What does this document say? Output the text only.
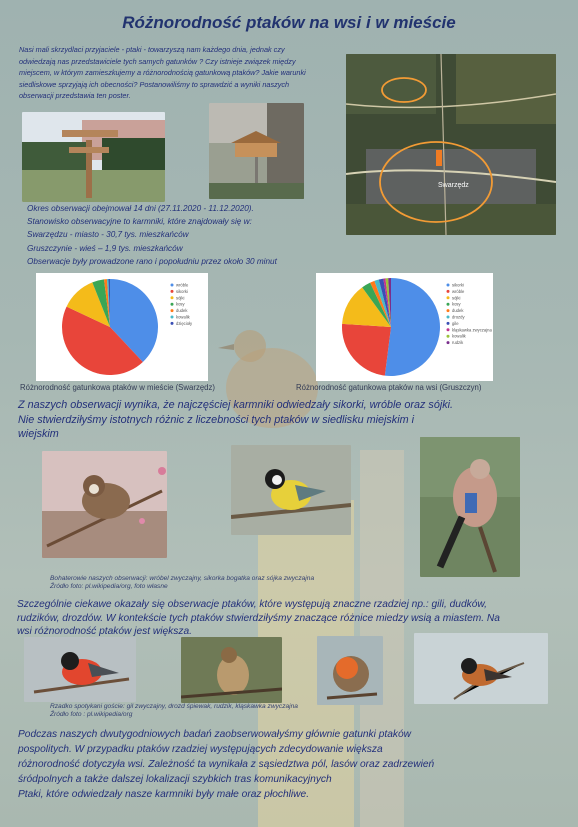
Różnorodność ptaków na wsi i w mieście
Nasi mali skrzydlaci przyjaciele - ptaki - towarzyszą nam każdego dnia, jednak czy
odwiedzają nas przedstawiciele tych samych gatunków ? Czy istnieje związek między
miejscem, w którym zamieszkujemy a różnorodnością gatunkową ptaków? Jakie warunki
siedliskowe sprzyjają ich obecności? Postanowiliśmy to sprawdzić a wyniki naszych
obserwacji przedstawia ten poster.
Swarzędz
Okres obserwacji obejmował 14 dni (27.11.2020 - 11.12.2020).
Stanowisko obserwacyjne to karmniki, które znajdowały się w:
Swarzędzu - miasto - 30,7 tys. mieszkańców
Gruszczynie - wieś – 1,9 tys. mieszkańców
Obserwacje były prowadzone rano i popołudniu przez około 30 minut
wróble
sikorki
sójki
kosy
dudek
kowalik
dzięcioły
Różnorodność gatunkowa ptaków w mieście (Swarzędz)
sikorki
wróble
sójki
kosy
dudek
drozdy
gile
kląskawka zwyczajna
kowalik
rudzik
Różnorodność gatunkowa ptaków na wsi (Gruszczyn)
Z naszych obserwacji wynika, że najczęściej karmniki odwiedzały sikorki, wróble oraz sójki.
Nie stwierdziłyśmy istotnych różnic z liczebności tych ptaków w siedlisku miejskim i
wiejskim
Bohaterowie naszych obserwacji: wróbel zwyczajny, sikorka bogatka oraz sójka zwyczajna
Źródło foto: pl.wikipedia/org, foto własne
Szczególnie ciekawe okazały się obserwacje ptaków, które występują znaczne rzadziej np.: gili, dudków,
rudzików, drozdów. W kontekście tych ptaków stwierdziłyśmy znaczące różnice miedzy wsią a miastem. Na
wsi różnorodność ptaków jest większa.
Rzadko spotykani goście: gil zwyczajny, drozd śpiewak, rudzik, kląskawka zwyczajna
Źródło foto : pl.wikipedia/org
Podczas naszych dwutygodniowych badań zaobserwowałyśmy głównie gatunki ptaków
pospolitych. W przypadku ptaków rzadziej występujących zdecydowanie większa
różnorodność dotyczyła wsi. Zależność ta wynikała z sąsiedztwa pól, lasów oraz zadrzewień
śródpolnych a także dalszej lokalizacji szybkich tras komunikacyjnych
Ptaki, które odwiedzały nasze karmniki były małe oraz płochliwe.
